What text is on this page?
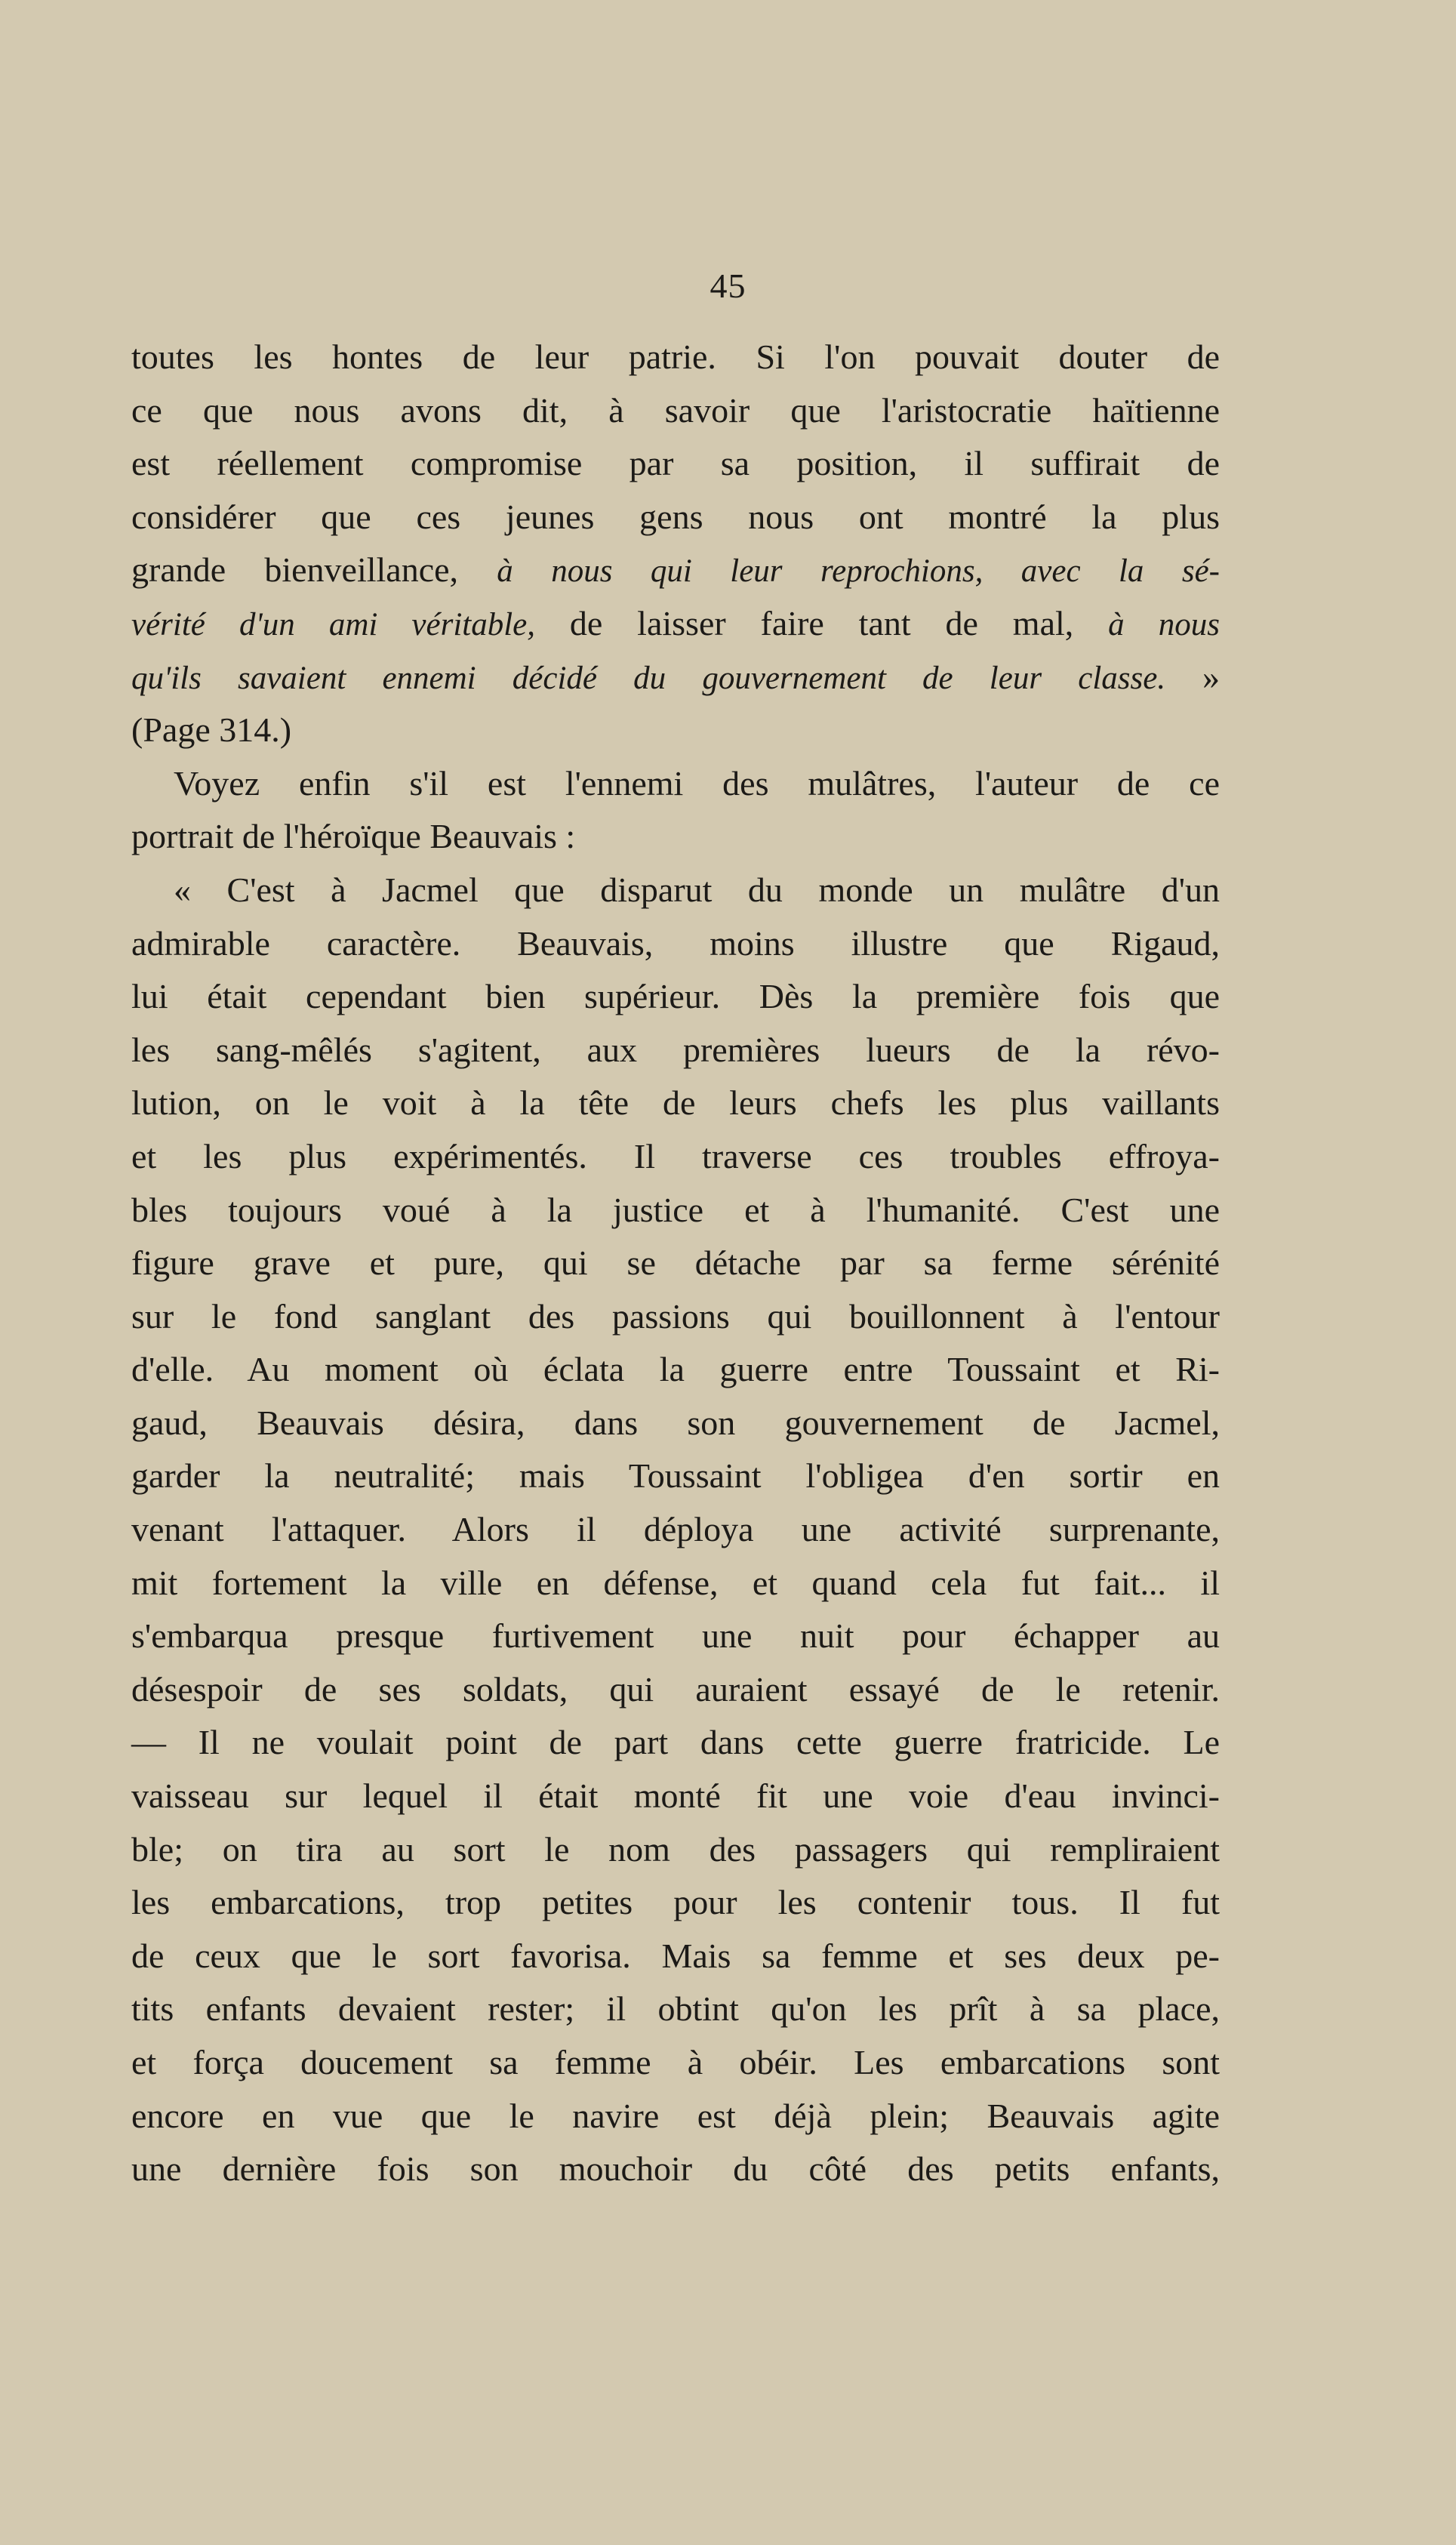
45
toutes les hontes de leur patrie. Si l'on pouvait douter de
ce que nous avons dit, à savoir que l'aristocratie haïtienne
est réellement compromise par sa position, il suffirait de
considérer que ces jeunes gens nous ont montré la plus
grande bienveillance, à nous qui leur reprochions, avec la sé-
vérité d'un ami véritable, de laisser faire tant de mal, à nous
qu'ils savaient ennemi décidé du gouvernement de leur classe. »
(Page 314.)
Voyez enfin s'il est l'ennemi des mulâtres, l'auteur de ce
portrait de l'héroïque Beauvais :
« C'est à Jacmel que disparut du monde un mulâtre d'un
admirable caractère. Beauvais, moins illustre que Rigaud,
lui était cependant bien supérieur. Dès la première fois que
les sang-mêlés s'agitent, aux premières lueurs de la révo-
lution, on le voit à la tête de leurs chefs les plus vaillants
et les plus expérimentés. Il traverse ces troubles effroya-
bles toujours voué à la justice et à l'humanité. C'est une
figure grave et pure, qui se détache par sa ferme sérénité
sur le fond sanglant des passions qui bouillonnent à l'entour
d'elle. Au moment où éclata la guerre entre Toussaint et Ri-
gaud, Beauvais désira, dans son gouvernement de Jacmel,
garder la neutralité; mais Toussaint l'obligea d'en sortir en
venant l'attaquer. Alors il déploya une activité surprenante,
mit fortement la ville en défense, et quand cela fut fait... il
s'embarqua presque furtivement une nuit pour échapper au
désespoir de ses soldats, qui auraient essayé de le retenir.
— Il ne voulait point de part dans cette guerre fratricide. Le
vaisseau sur lequel il était monté fit une voie d'eau invinci-
ble; on tira au sort le nom des passagers qui rempliraient
les embarcations, trop petites pour les contenir tous. Il fut
de ceux que le sort favorisa. Mais sa femme et ses deux pe-
tits enfants devaient rester; il obtint qu'on les prît à sa place,
et força doucement sa femme à obéir. Les embarcations sont
encore en vue que le navire est déjà plein; Beauvais agite
une dernière fois son mouchoir du côté des petits enfants,
